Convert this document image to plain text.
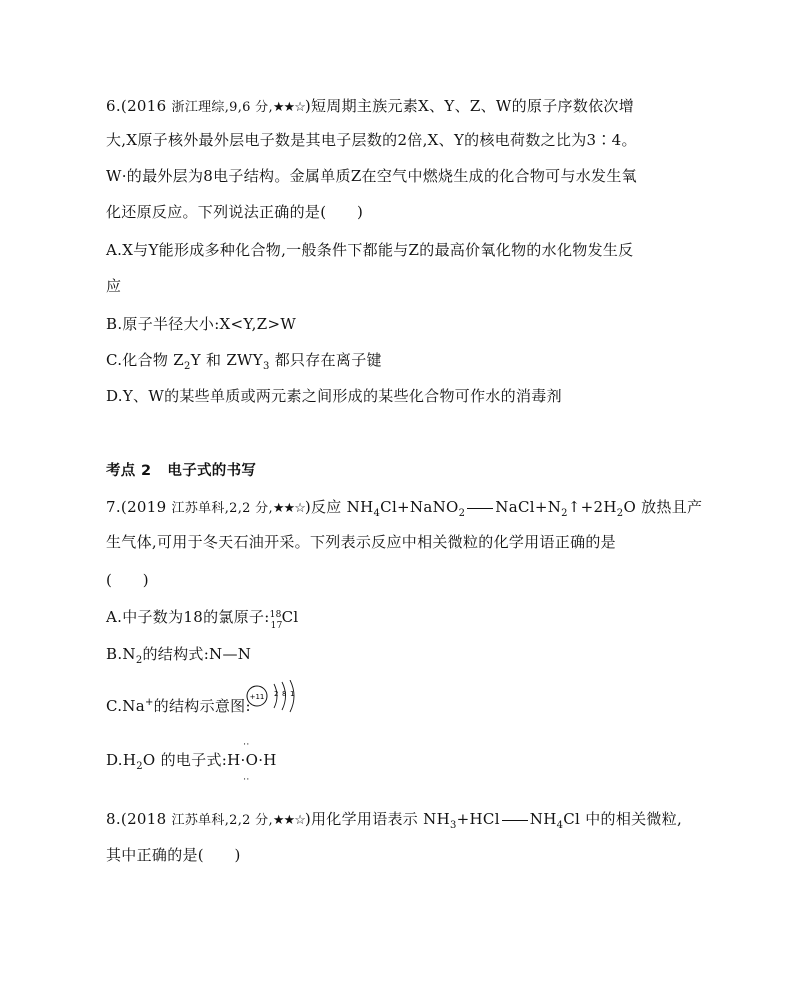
6.(2016 浙江理综,9,6 分,★★☆)短周期主族元素X、Y、Z、W的原子序数依次增
大,X原子核外最外层电子数是其电子层数的2倍,X、Y的核电荷数之比为3∶4。
W·的最外层为8电子结构。金属单质Z在空气中燃烧生成的化合物可与水发生氧
化还原反应。下列说法正确的是(　　)
A.X与Y能形成多种化合物,一般条件下都能与Z的最高价氧化物的水化物发生反
应
B.原子半径大小:X<Y,Z>W
C.化合物 $Z_2Y$ 和 $ZWY_3$ 都只存在离子键
D.Y、W的某些单质或两元素之间形成的某些化合物可作水的消毒剂
考点 2 电子式的书写
7.(2019 江苏单科,2,2 分,★★☆)反应 $NH_4Cl+NaNO_2$ $NaCl+N_2↑+2H_2O$ 放热且产
生气体,可用于冬天石油开采。下列表示反应中相关微粒的化学用语正确的是
(　　)
A.中子数为18的氯原子: 18
17
Cl
$B.N_2$的结构式:N—N
C.Na+的结构示意图:
+11 2 8 1
$D.H_2O$ 的电子式:
··
H·O·H
··
8.(2018 江苏单科,2,2 分,★★☆)用化学用语表示 $NH_3+HCl$ $NH_4Cl$ 中的相关微粒,
其中正确的是(　　)
